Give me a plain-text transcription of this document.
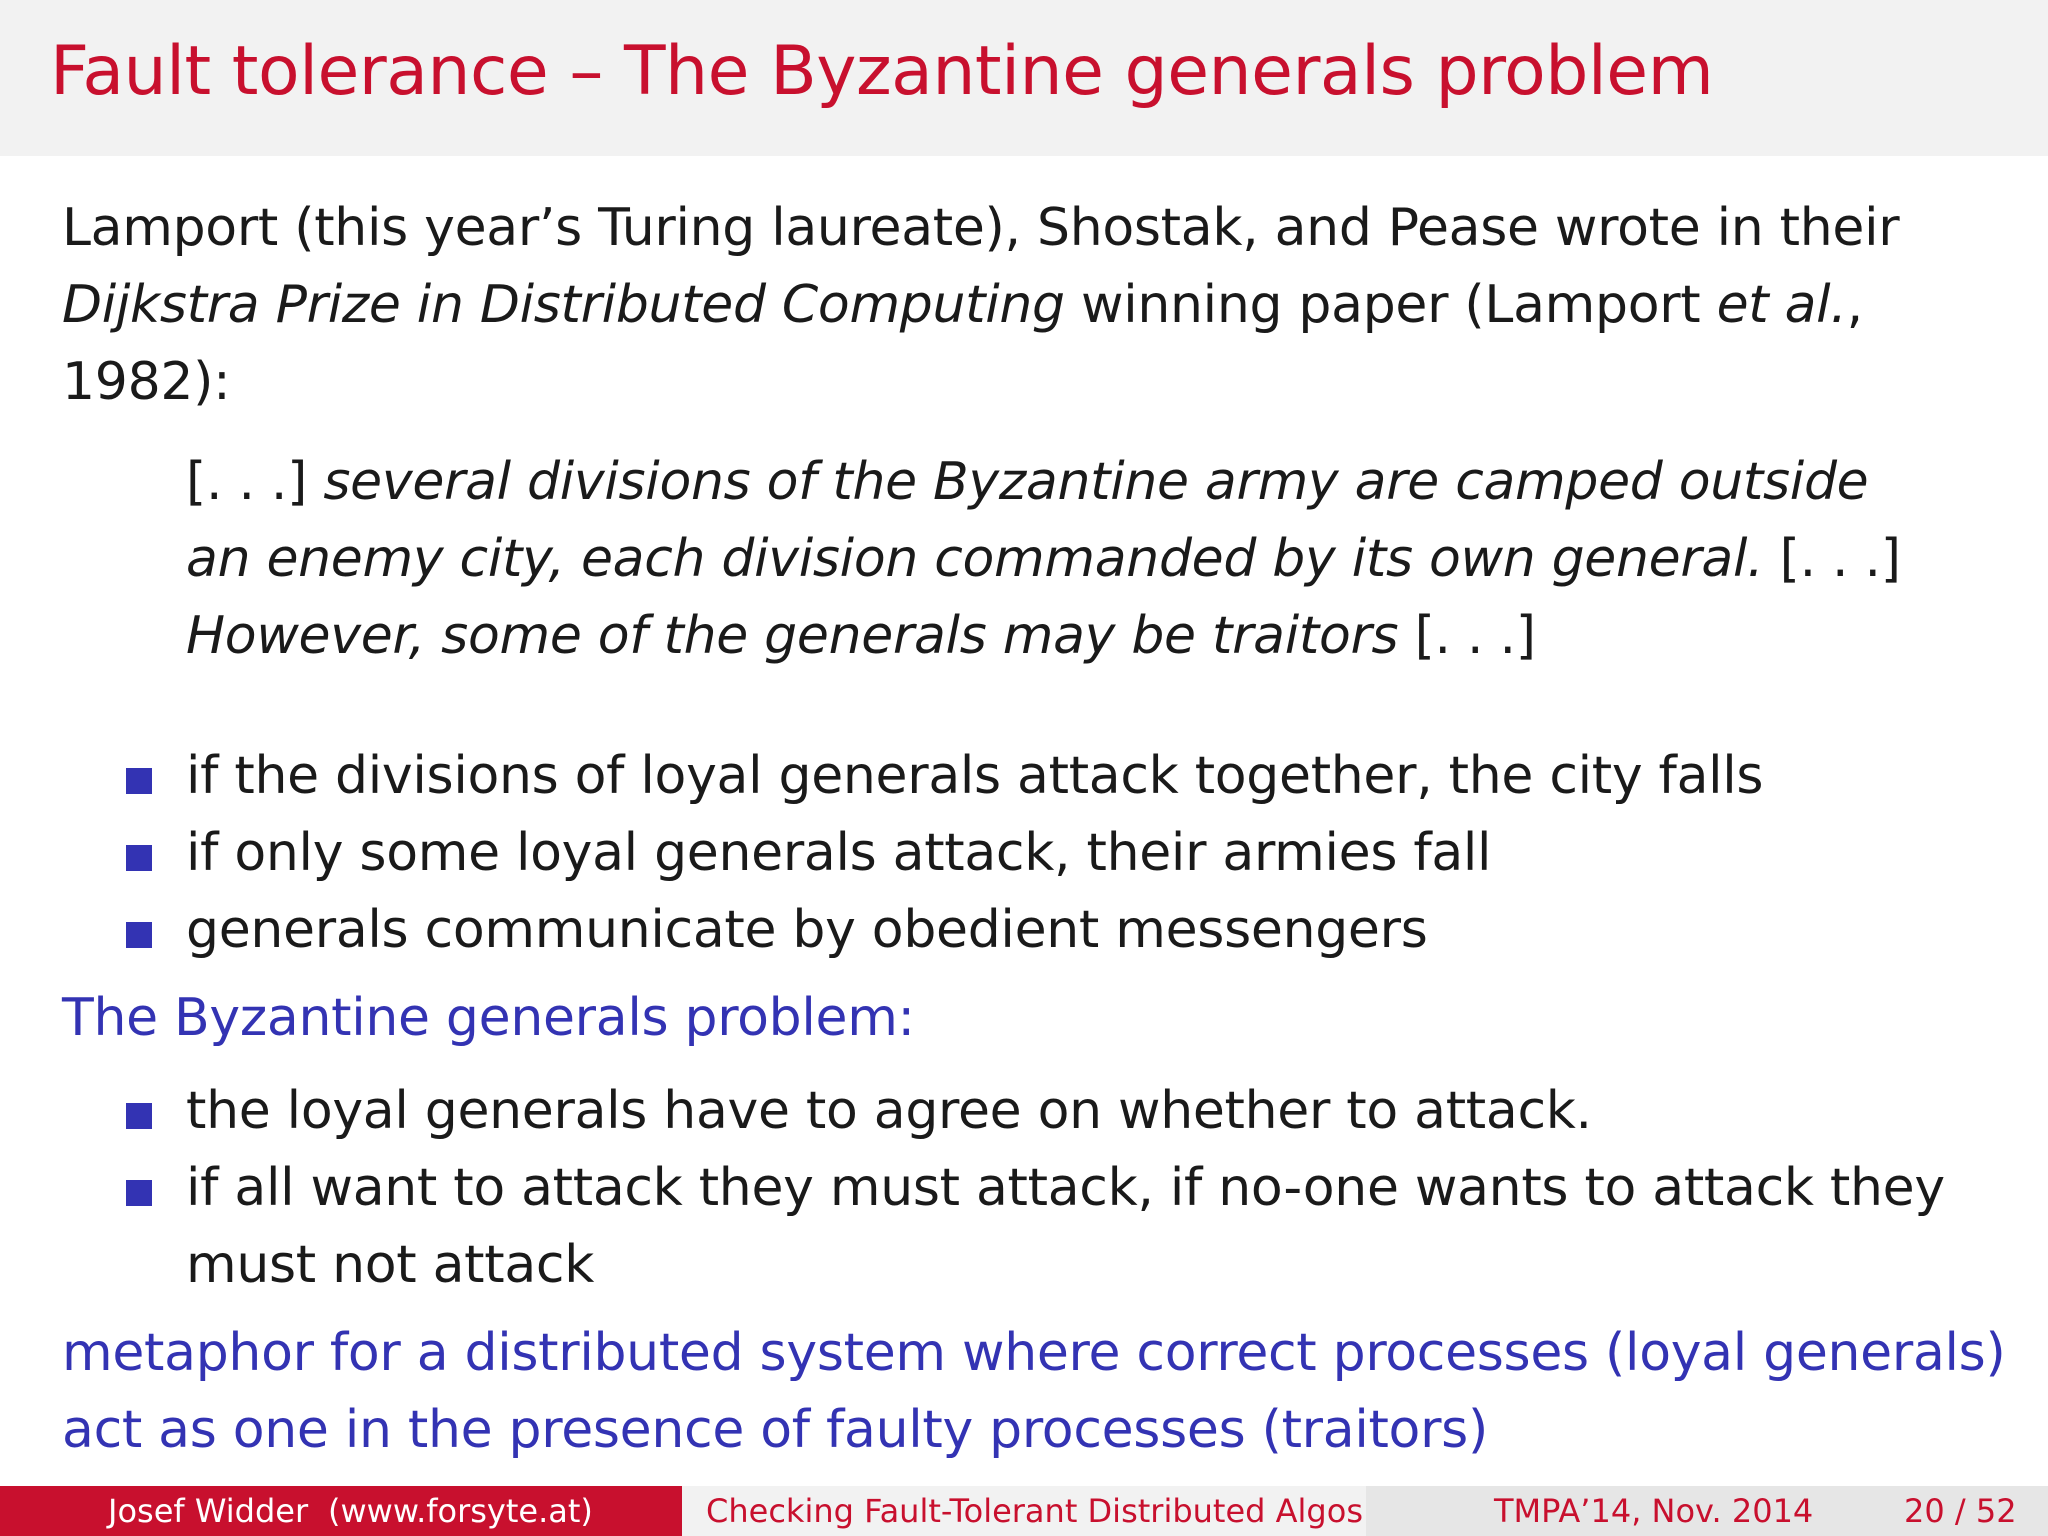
Fault tolerance – The Byzantine generals problem
Lamport (this year’s Turing laureate), Shostak, and Pease wrote in their
Dijkstra Prize in Distributed Computing winning paper (Lamport et al.,
1982):
[. . .] several divisions of the Byzantine army are camped outside
an enemy city, each division commanded by its own general. [. . .]
However, some of the generals may be traitors [. . .]
if the divisions of loyal generals attack together, the city falls
if only some loyal generals attack, their armies fall
generals communicate by obedient messengers
The Byzantine generals problem:
the loyal generals have to agree on whether to attack.
if all want to attack they must attack, if no-one wants to attack they
must not attack
metaphor for a distributed system where correct processes (loyal generals)
act as one in the presence of faulty processes (traitors)
Josef Widder (www.forsyte.at)	Checking Fault-Tolerant Distributed Algos	TMPA’14, Nov. 2014	20 / 52
